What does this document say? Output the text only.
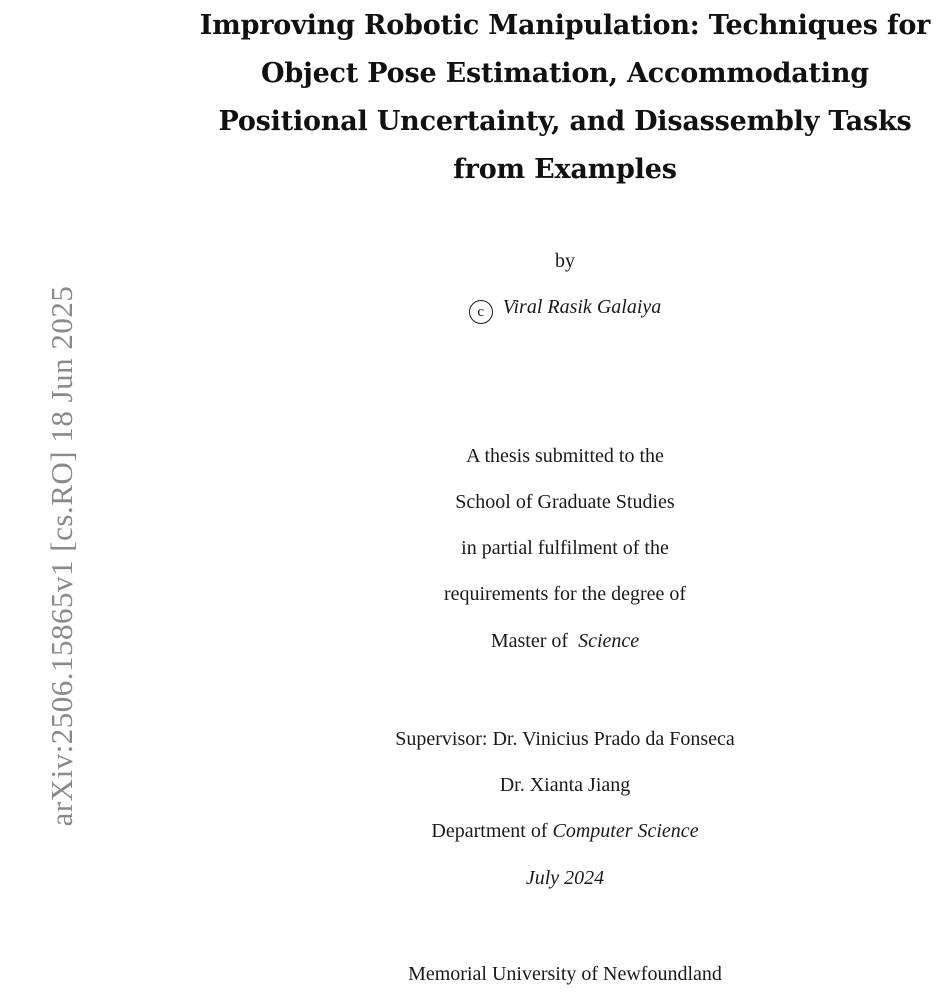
arXiv:2506.15865v1 [cs.RO] 18 Jun 2025
Improving Robotic Manipulation: Techniques for
Object Pose Estimation, Accommodating
Positional Uncertainty, and Disassembly Tasks
from Examples
by
c Viral Rasik Galaiya
A thesis submitted to the
School of Graduate Studies
in partial fulfilment of the
requirements for the degree of
Master of Science
Supervisor: Dr. Vinicius Prado da Fonseca
Dr. Xianta Jiang
Department of Computer Science
July 2024
Memorial University of Newfoundland
